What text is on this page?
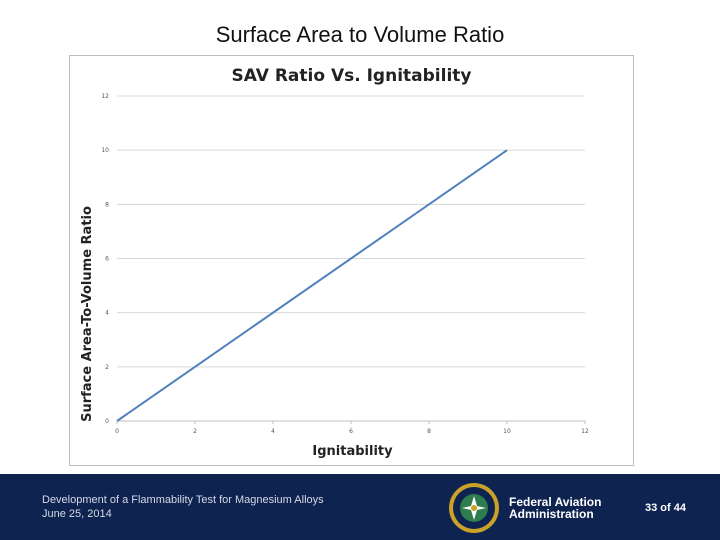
Surface Area to Volume Ratio
SAV Ratio Vs. Ignitability
0
2
4
6
8
10
12
0	2	4	6	8	10	12
Surface Area-To-Volume Ratio
Ignitability
Development of a Flammability Test for Magnesium Alloys
June 25, 2014
Federal Aviation
Administration	33 of 44
